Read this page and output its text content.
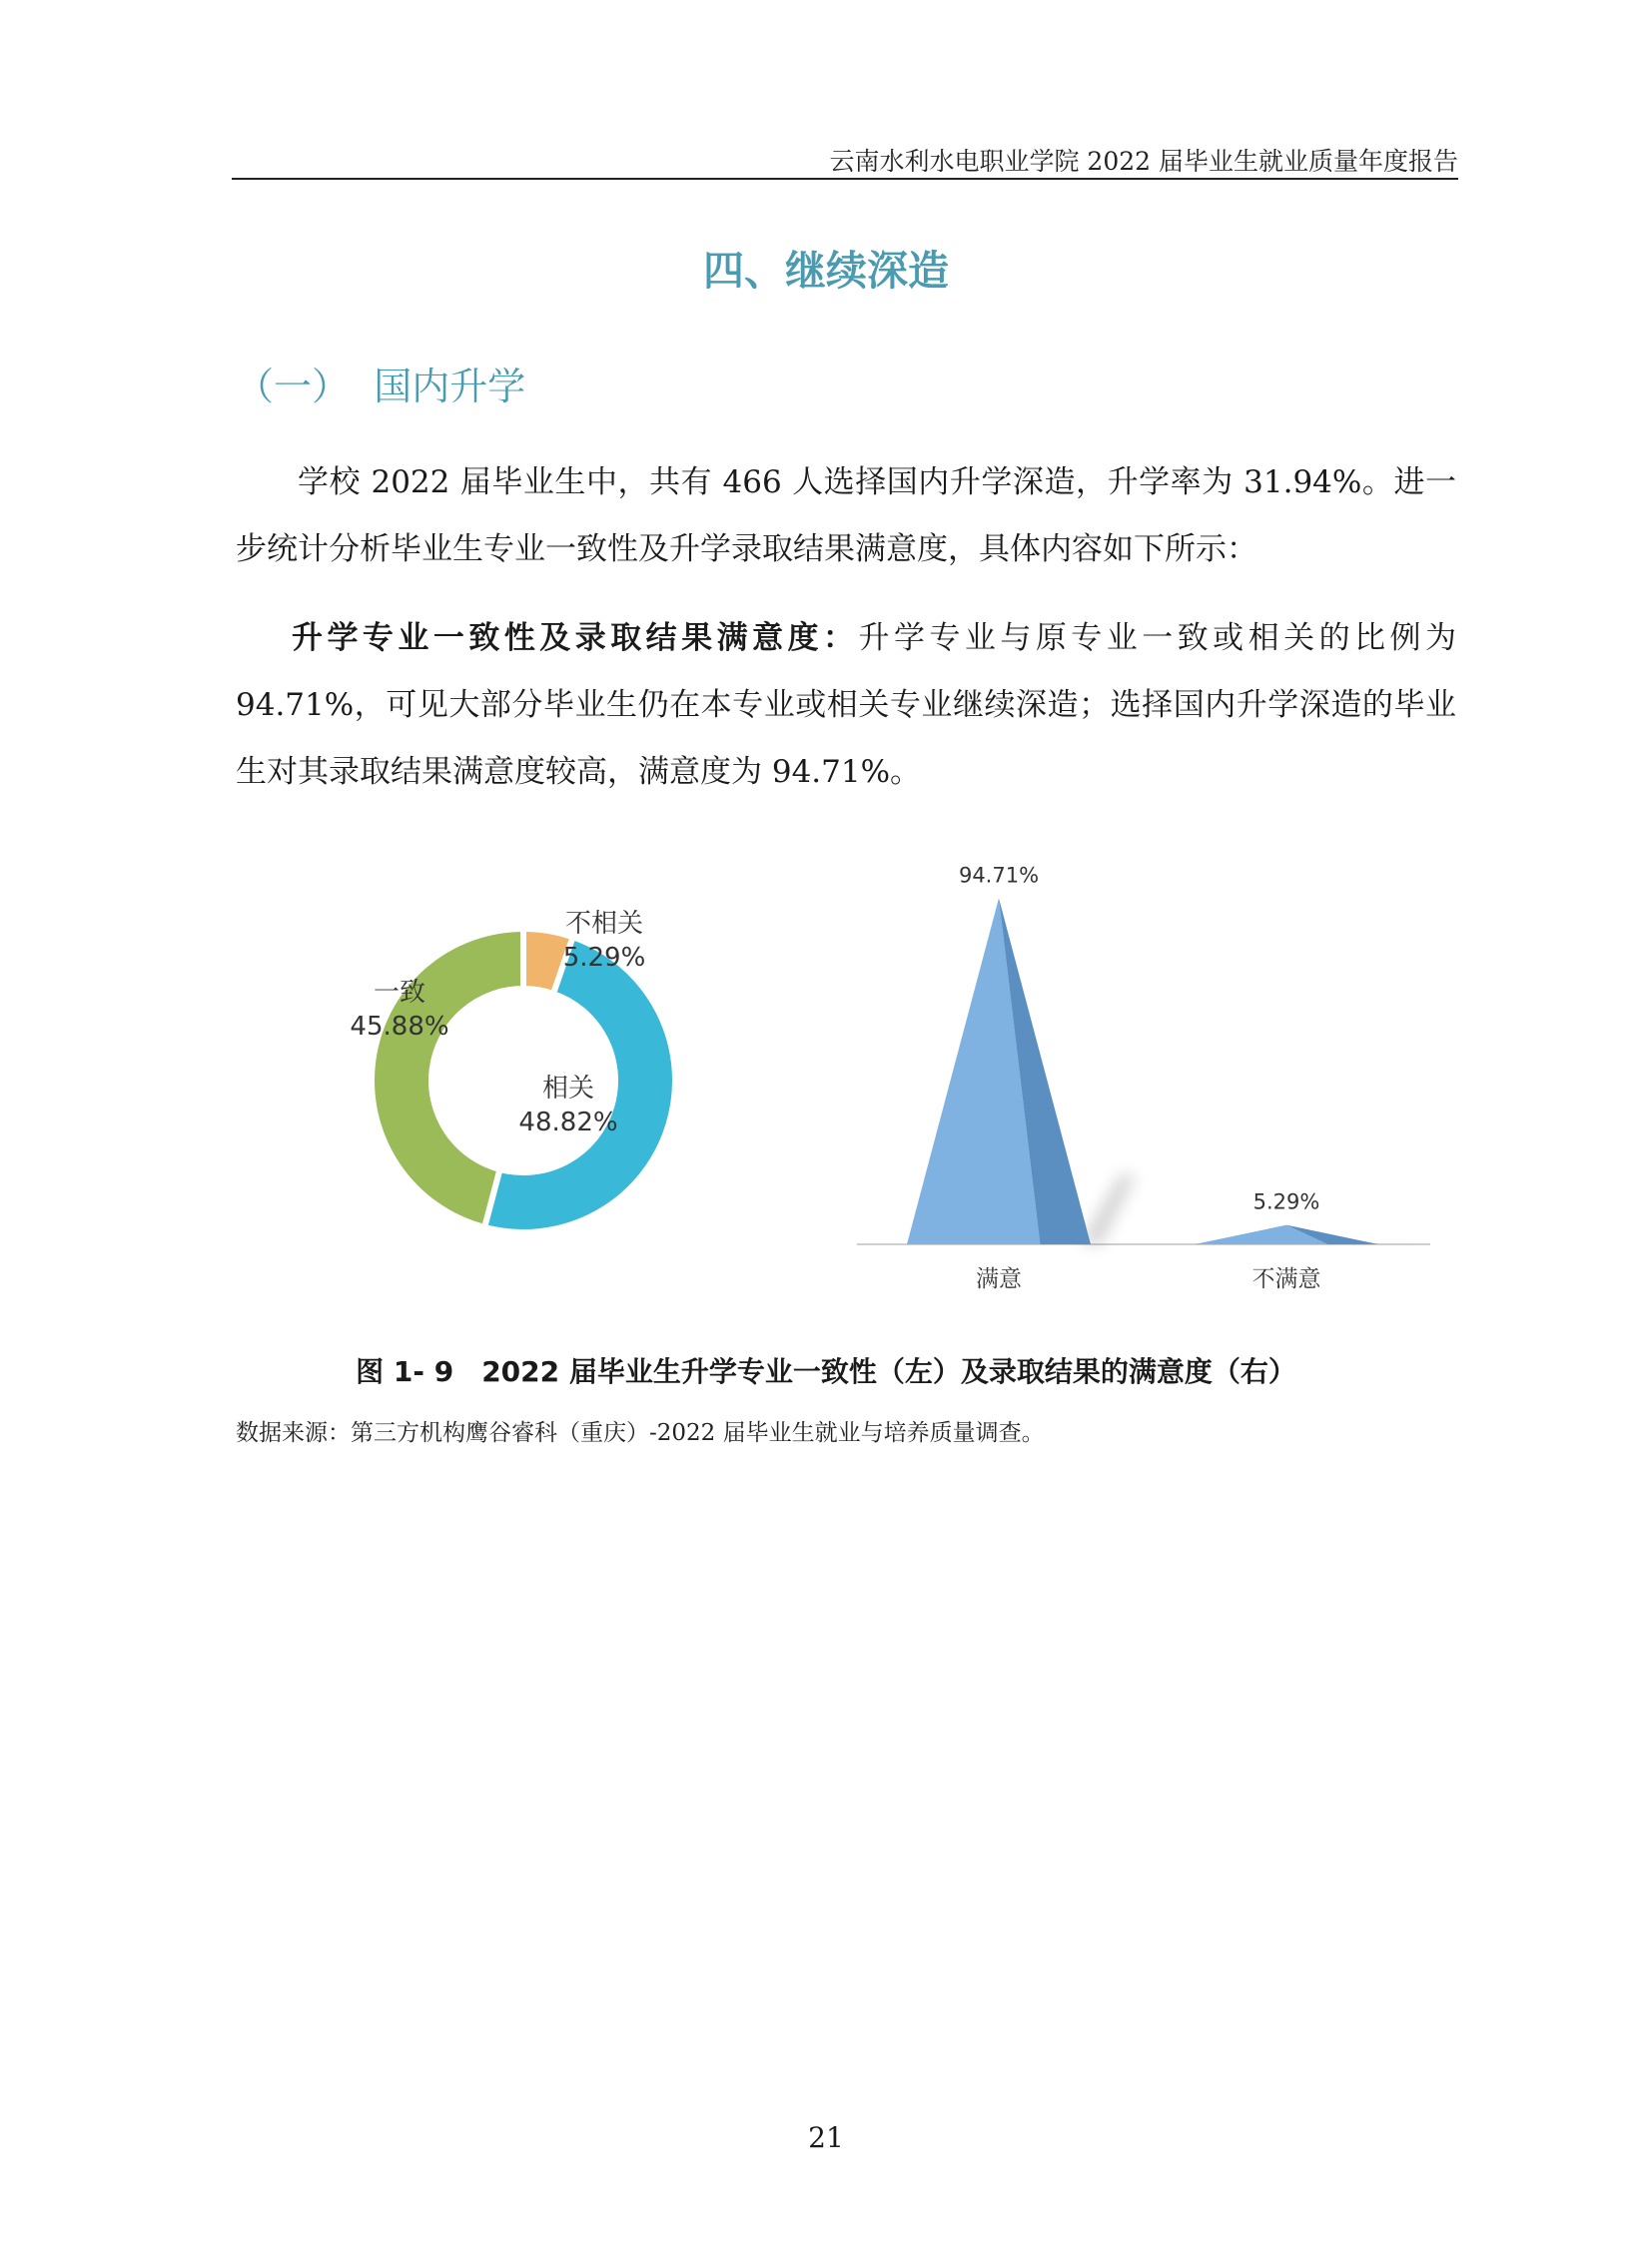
云南水利水电职业学院 2022 届毕业生就业质量年度报告
四、继续深造
（一） 国内升学

学校 2022 届毕业生中，共有 466 人选择国内升学深造，升学率为 31.94%。进一步统计分析毕业生专业一致性及升学录取结果满意度，具体内容如下所示：

升学专业一致性及录取结果满意度：升学专业与原专业一致或相关的比例为 94.71%，可见大部分毕业生仍在本专业或相关专业继续深造；选择国内升学深造的毕业生对其录取结果满意度较高，满意度为 94.71%。

不相关
5.29%
相关
48.82%
一致
45.88%
94.71%
满意
5.29%
不满意
图 1- 9　2022 届毕业生升学专业一致性（左）及录取结果的满意度（右）
数据来源：第三方机构鹰谷睿科（重庆）-2022 届毕业生就业与培养质量调查。
21
